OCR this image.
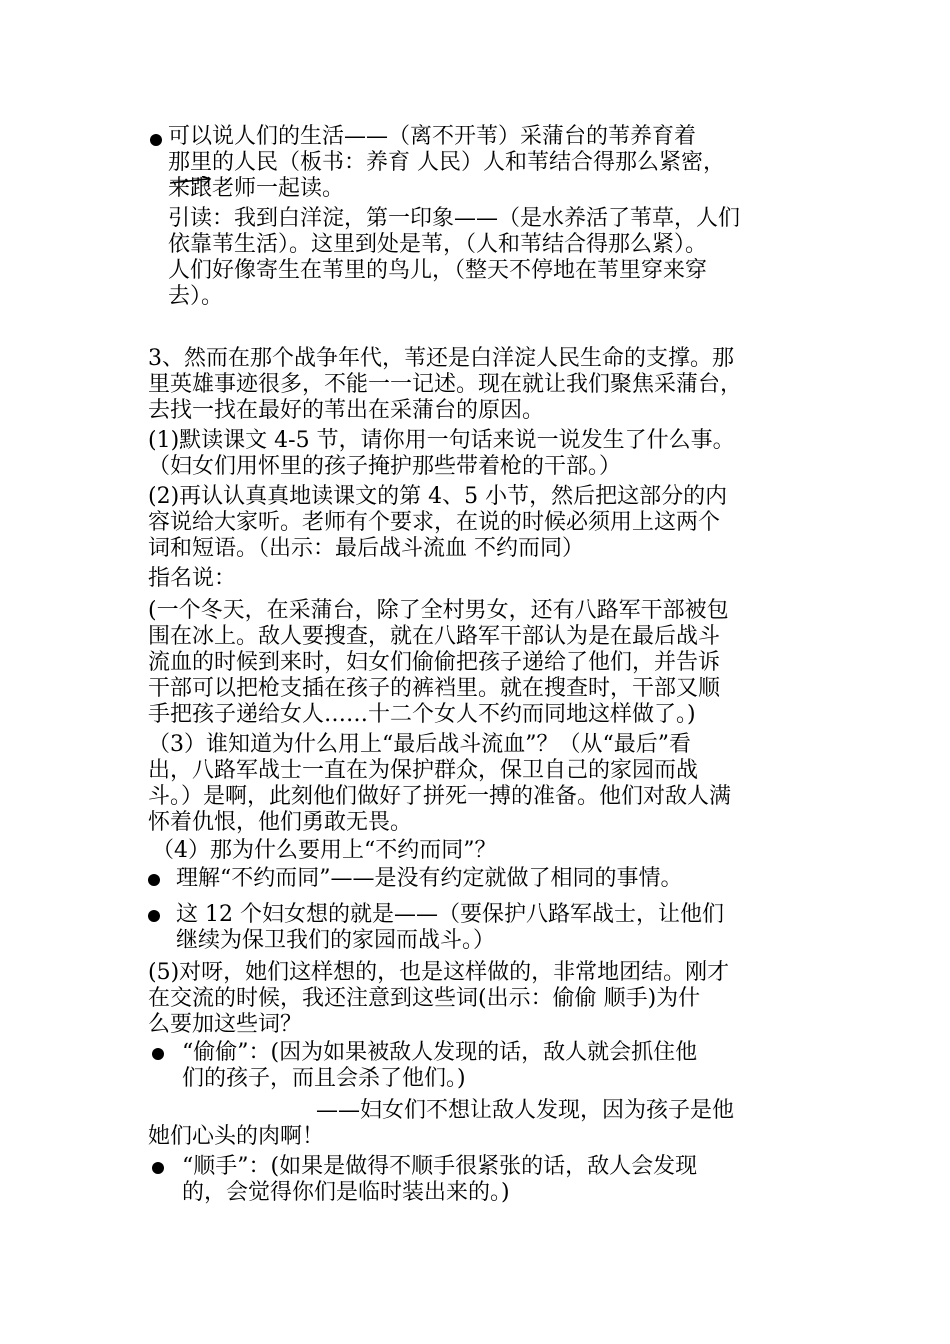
可以说人们的生活——（离不开苇）采蒲台的苇养育着
那里的人民（板书：养育 人民）人和苇结合得那么紧密，
来跟老师一起读。
引读：我到白洋淀，第一印象——（是水养活了苇草，人们
依靠苇生活）。这里到处是苇，（人和苇结合得那么紧）。
人们好像寄生在苇里的鸟儿，（整天不停地在苇里穿来穿
去）。
3、然而在那个战争年代，苇还是白洋淀人民生命的支撑。那
里英雄事迹很多，不能一一记述。现在就让我们聚焦采蒲台，
去找一找在最好的苇出在采蒲台的原因。
(1)默读课文 4-5 节，请你用一句话来说一说发生了什么事。
（妇女们用怀里的孩子掩护那些带着枪的干部。）
(2)再认认真真地读课文的第 4、5 小节，然后把这部分的内
容说给大家听。老师有个要求，在说的时候必须用上这两个
词和短语。（出示：最后战斗流血 不约而同）
指名说：
(一个冬天，在采蒲台，除了全村男女，还有八路军干部被包
围在冰上。敌人要搜查，就在八路军干部认为是在最后战斗
流血的时候到来时，妇女们偷偷把孩子递给了他们，并告诉
干部可以把枪支插在孩子的裤裆里。就在搜查时，干部又顺
手把孩子递给女人……十二个女人不约而同地这样做了。)
（3）谁知道为什么用上“最后战斗流血”？（从“最后”看
出，八路军战士一直在为保护群众，保卫自己的家园而战
斗。）是啊，此刻他们做好了拼死一搏的准备。他们对敌人满
怀着仇恨，他们勇敢无畏。
（4）那为什么要用上“不约而同”？
理解“不约而同”——是没有约定就做了相同的事情。
这 12 个妇女想的就是——（要保护八路军战士，让他们
继续为保卫我们的家园而战斗。）
(5)对呀，她们这样想的，也是这样做的，非常地团结。刚才
在交流的时候，我还注意到这些词(出示：偷偷 顺手)为什
么要加这些词？
“偷偷”：(因为如果被敌人发现的话，敌人就会抓住他
们的孩子，而且会杀了他们。)
——妇女们不想让敌人发现，因为孩子是他
她们心头的肉啊！
“顺手”：(如果是做得不顺手很紧张的话，敌人会发现
的，会觉得你们是临时装出来的。)
